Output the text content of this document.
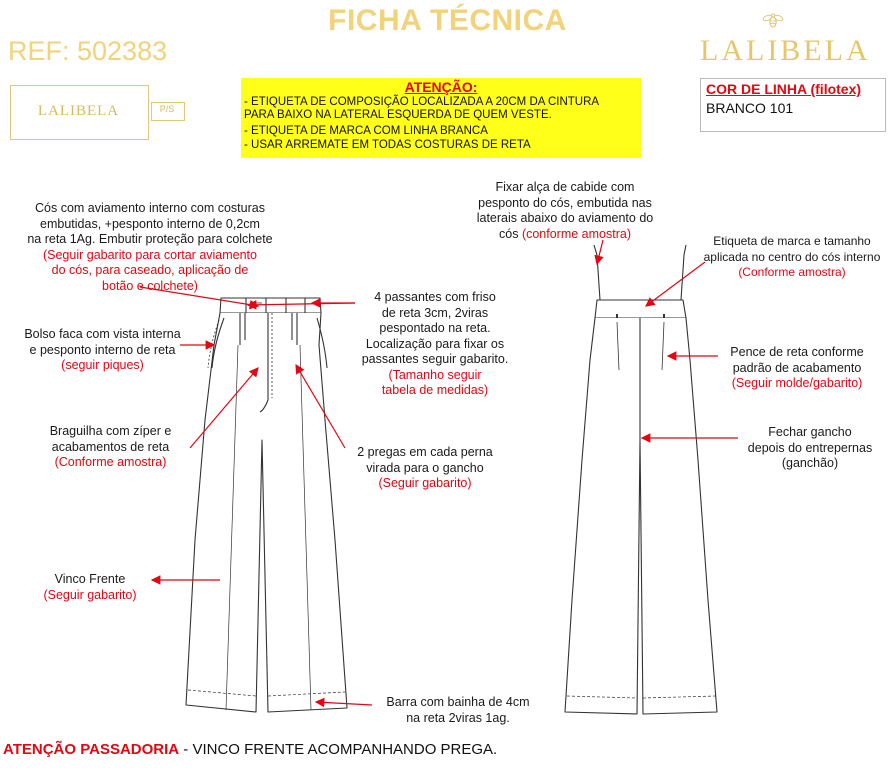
FICHA TÉCNICA
REF: 502383	LALIBELA
LALIBELA	P/S
ATENÇÃO:
- ETIQUETA DE COMPOSIÇÃO LOCALIZADA A 20CM DA CINTURA
PARA BAIXO NA LATERAL ESQUERDA DE QUEM VESTE.
- ETIQUETA DE MARCA COM LINHA BRANCA
- USAR ARREMATE EM TODAS COSTURAS DE RETA
COR DE LINHA (filotex)
BRANCO 101
Cós com aviamento interno com costuras
embutidas, +pesponto interno de 0,2cm
na reta 1Ag. Embutir proteção para colchete
(Seguir gabarito para cortar aviamento
do cós, para caseado, aplicação de
botão e colchete)
Bolso faca com vista interna
e pesponto interno de reta
(seguir piques)
Braguilha com zíper e
acabamentos de reta
(Conforme amostra)
Vinco Frente
(Seguir gabarito)
4 passantes com friso
de reta 3cm, 2viras
pespontado na reta.
Localização para fixar os
passantes seguir gabarito.
(Tamanho seguir
tabela de medidas)
2 pregas em cada perna
virada para o gancho
(Seguir gabarito)
Barra com bainha de 4cm
na reta 2viras 1ag.
Fixar alça de cabide com
pesponto do cós, embutida nas
laterais abaixo do aviamento do
cós (conforme amostra)
Etiqueta de marca e tamanho
aplicada no centro do cós interno
(Conforme amostra)
Pence de reta conforme
padrão de acabamento
(Seguir molde/gabarito)
Fechar gancho
depois do entrepernas
(ganchão)
ATENÇÃO PASSADORIA - VINCO FRENTE ACOMPANHANDO PREGA.
